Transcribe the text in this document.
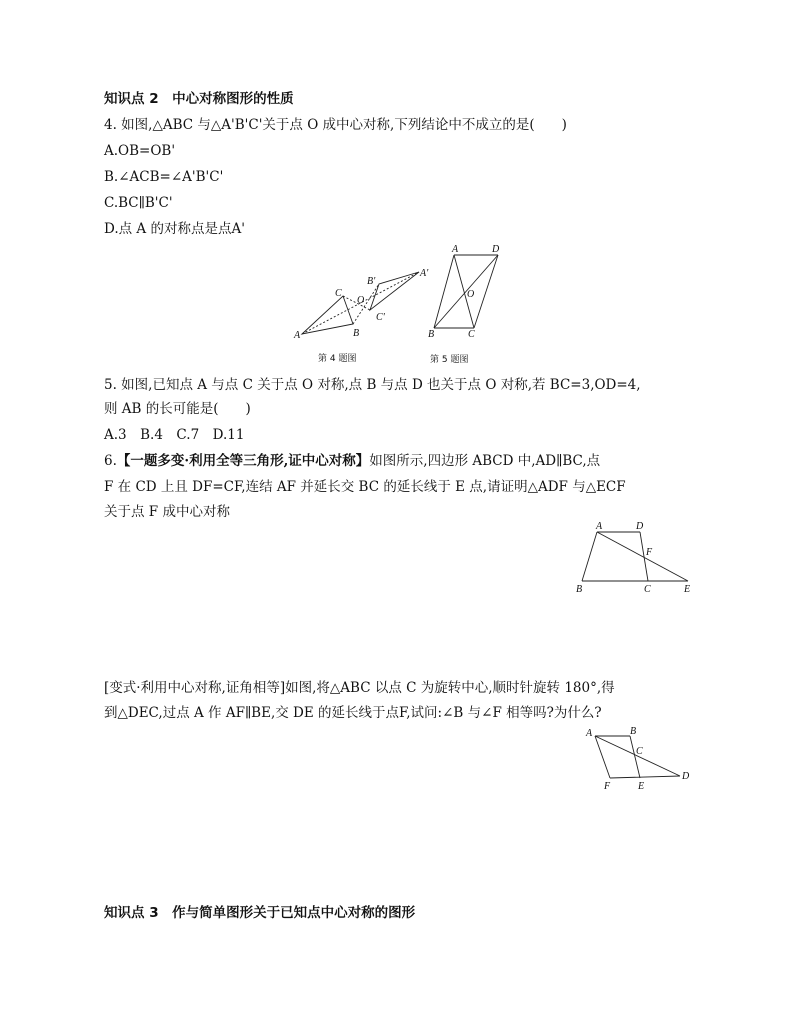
知识点 2　中心对称图形的性质
4. 如图,△ABC 与△A'B'C'关于点 O 成中心对称,下列结论中不成立的是(　　)
A.OB=OB'
B.∠ACB=∠A'B'C'
C.BC∥B'C'
D.点 A 的对称点是点A'
A
C
B
O
A'
B'
C'
第 4 题图
A	D
O
B	C
第 5 题图
5. 如图,已知点 A 与点 C 关于点 O 对称,点 B 与点 D 也关于点 O 对称,若 BC=3,OD=4,
则 AB 的长可能是(　　)
A.3　B.4　C.7　D.11
6.【一题多变·利用全等三角形,证中心对称】如图所示,四边形 ABCD 中,AD∥BC,点
F 在 CD 上且 DF=CF,连结 AF 并延长交 BC 的延长线于 E 点,请证明△ADF 与△ECF
关于点 F 成中心对称
A	D
F
B	C	E
[变式·利用中心对称,证角相等]如图,将△ABC 以点 C 为旋转中心,顺时针旋转 180°,得
到△DEC,过点 A 作 AF∥BE,交 DE 的延长线于点F,试问:∠B 与∠F 相等吗?为什么?
A	B
C
D
F	E
知识点 3　作与简单图形关于已知点中心对称的图形
